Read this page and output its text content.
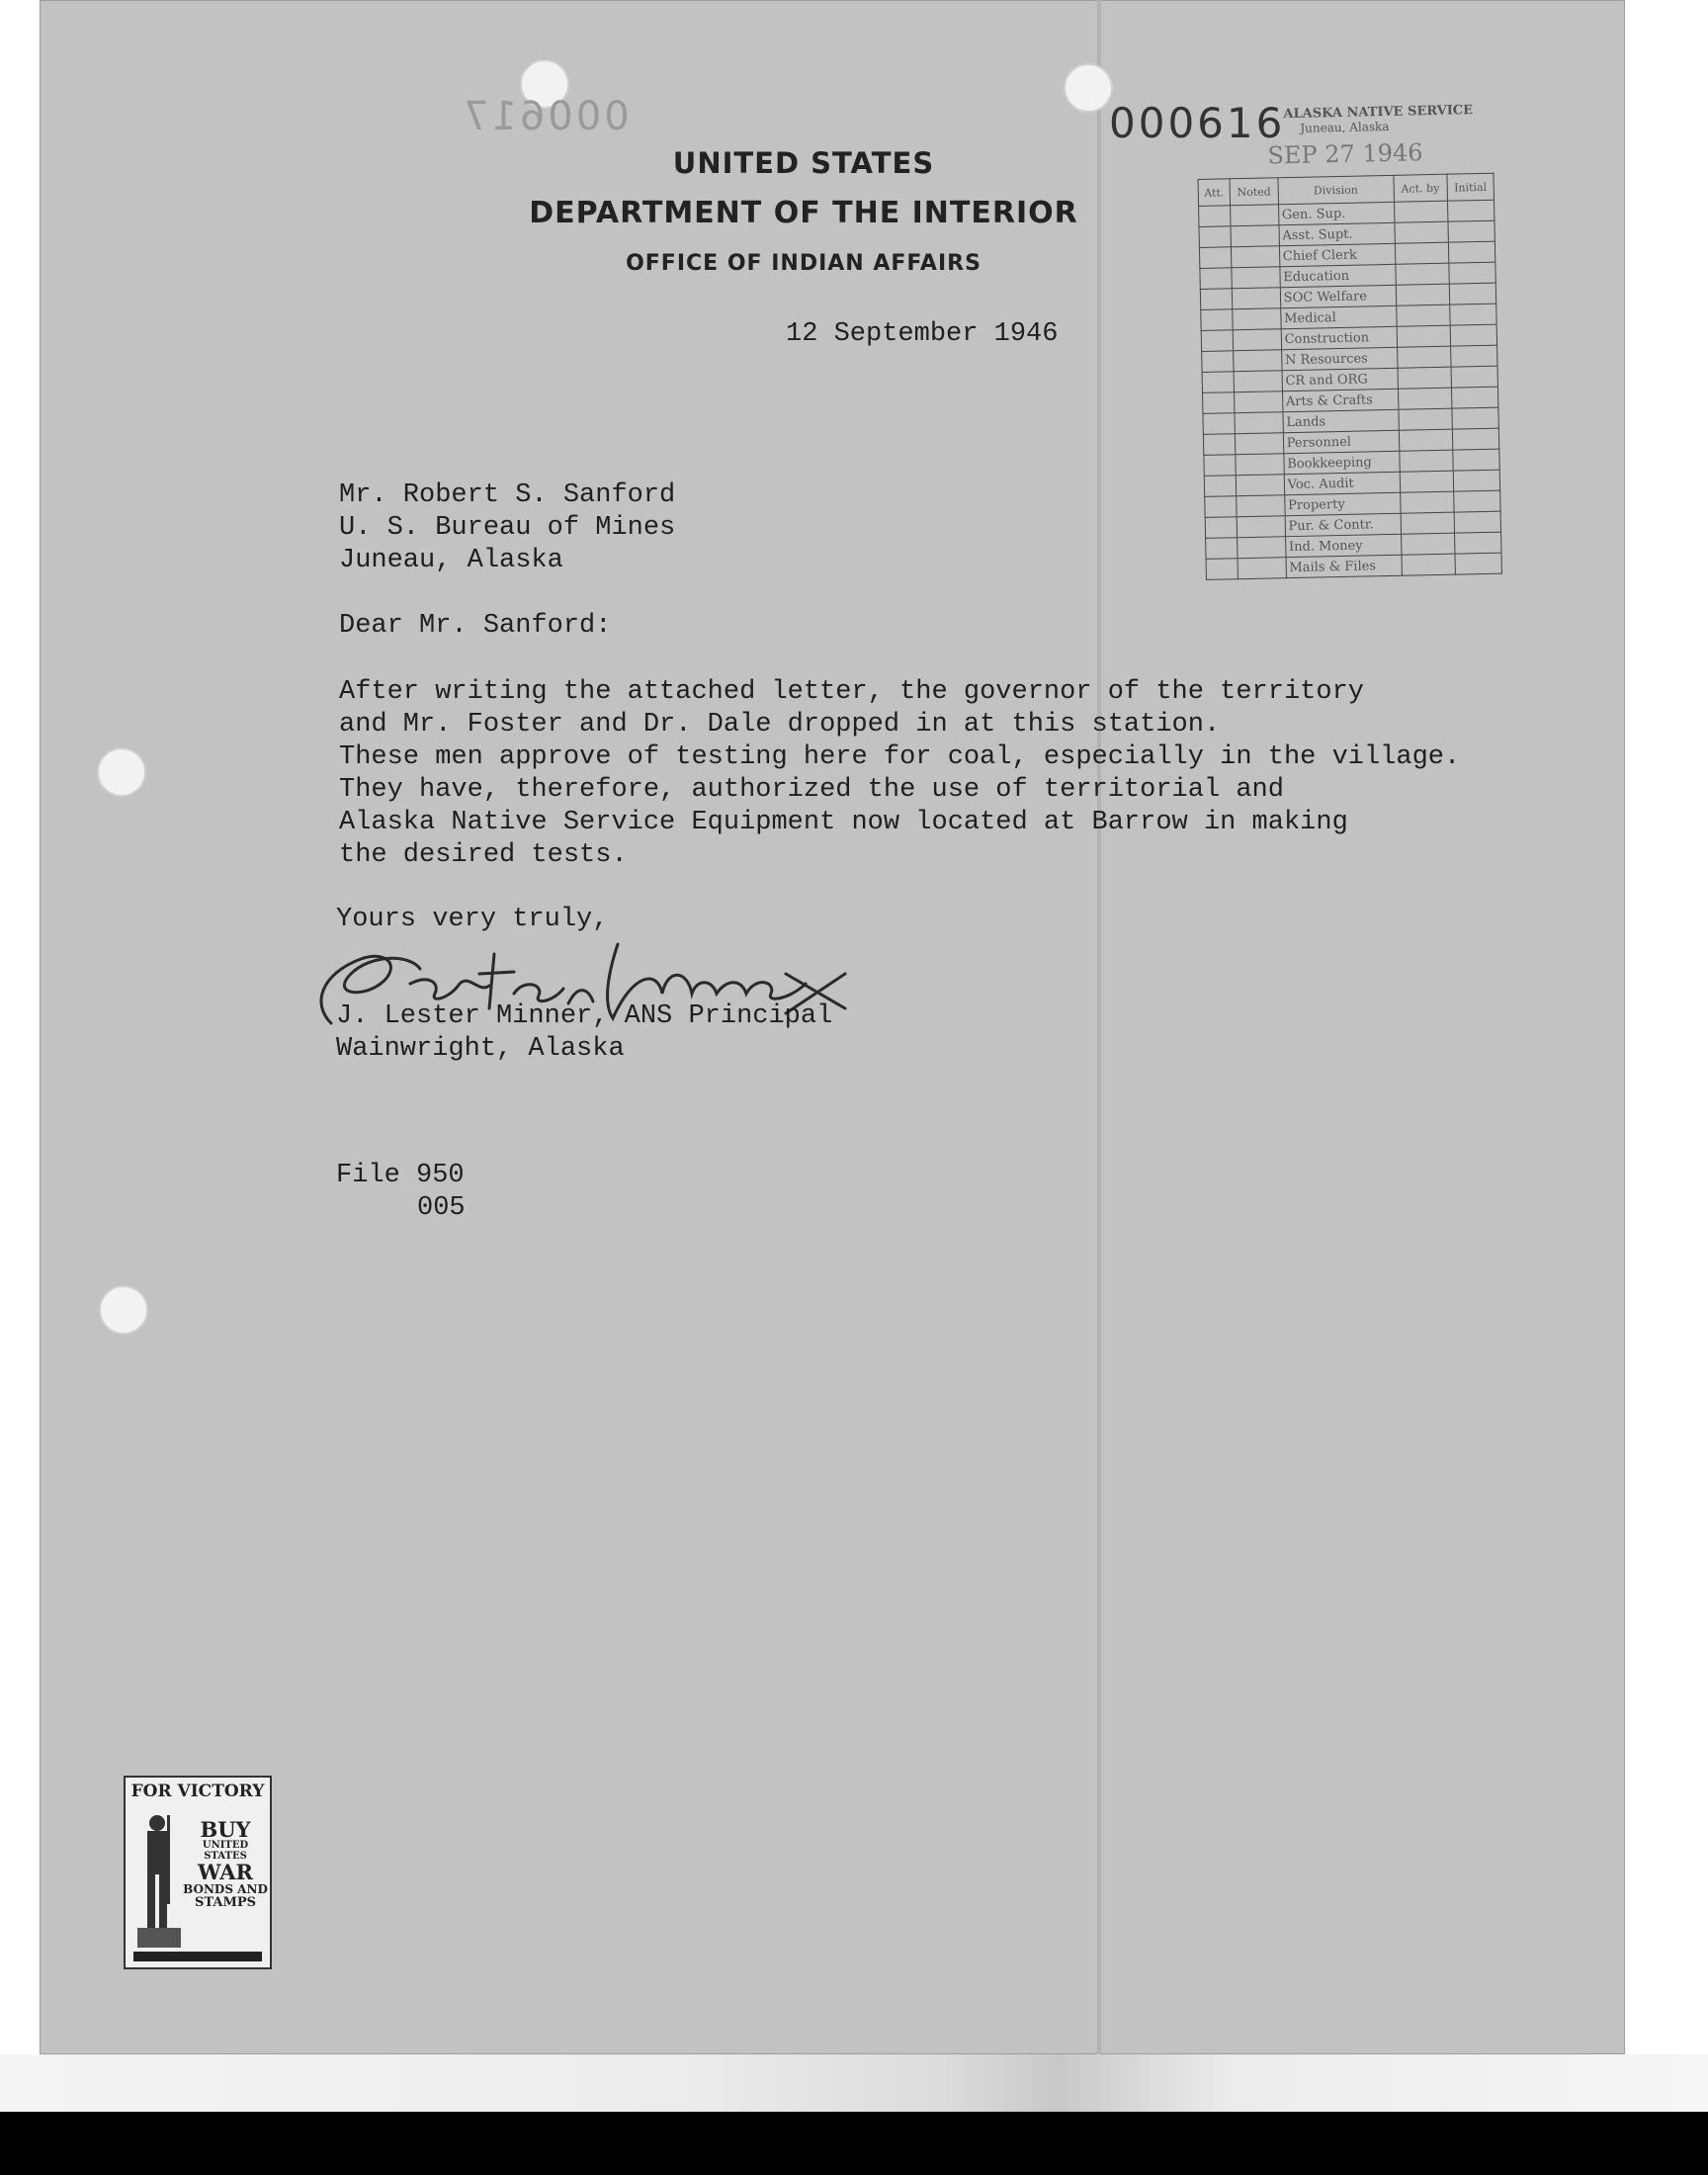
000617	000616
UNITED STATES
DEPARTMENT OF THE INTERIOR
OFFICE OF INDIAN AFFAIRS
12 September 1946
ALASKA NATIVE SERVICE
Juneau, Alaska
SEP 27 1946
Att.	Noted	Division	Act. by	Initial
		Gen. Sup.		
		Asst. Supt.		
		Chief Clerk		
		Education		
		SOC Welfare		
		Medical		
		Construction		
		N Resources		
		CR and ORG		
		Arts & Crafts		
		Lands		
		Personnel		
		Bookkeeping		
		Voc. Audit		
		Property		
		Pur. & Contr.		
		Ind. Money		
		Mails & Files		
Mr. Robert S. Sanford
U. S. Bureau of Mines
Juneau, Alaska
Dear Mr. Sanford:
After writing the attached letter, the governor of the territory
and Mr. Foster and Dr. Dale dropped in at this station.
These men approve of testing here for coal, especially in the village.
They have, therefore, authorized the use of territorial and
Alaska Native Service Equipment now located at Barrow in making
the desired tests.
Yours very truly,
J. Lester Minner, ANS Principal
Wainwright, Alaska
File 950
005
FOR VICTORY
BUY
UNITED STATES
WAR
BONDS AND
STAMPS
